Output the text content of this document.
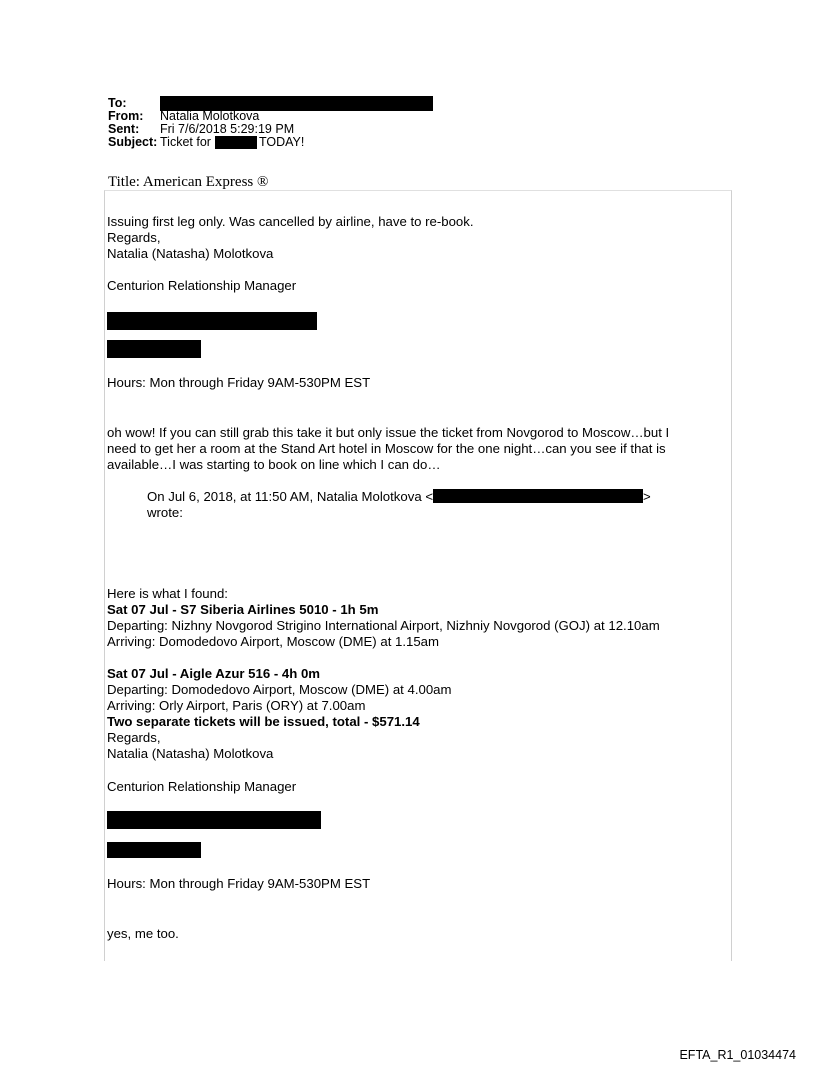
To:
From:	Natalia Molotkova
Sent:	Fri 7/6/2018 5:29:19 PM
Subject: Ticket for	TODAY!
Title: American Express ®
Issuing first leg only. Was cancelled by airline, have to re-book.
Regards,
Natalia (Natasha) Molotkova
Centurion Relationship Manager
Hours: Mon through Friday 9AM-530PM EST
oh wow! If you can still grab this take it but only issue the ticket from Novgorod to Moscow…but I
need to get her a room at the Stand Art hotel in Moscow for the one night…can you see if that is
available…I was starting to book on line which I can do…
On Jul 6, 2018, at 11:50 AM, Natalia Molotkova <	>
wrote:
Here is what I found:
Sat 07 Jul - S7 Siberia Airlines 5010 - 1h 5m
Departing: Nizhny Novgorod Strigino International Airport, Nizhniy Novgorod (GOJ) at 12.10am
Arriving: Domodedovo Airport, Moscow (DME) at 1.15am
Sat 07 Jul - Aigle Azur 516 - 4h 0m
Departing: Domodedovo Airport, Moscow (DME) at 4.00am
Arriving: Orly Airport, Paris (ORY) at 7.00am
Two separate tickets will be issued, total - $571.14
Regards,
Natalia (Natasha) Molotkova
Centurion Relationship Manager
Hours: Mon through Friday 9AM-530PM EST
yes, me too.
EFTA_R1_01034474
